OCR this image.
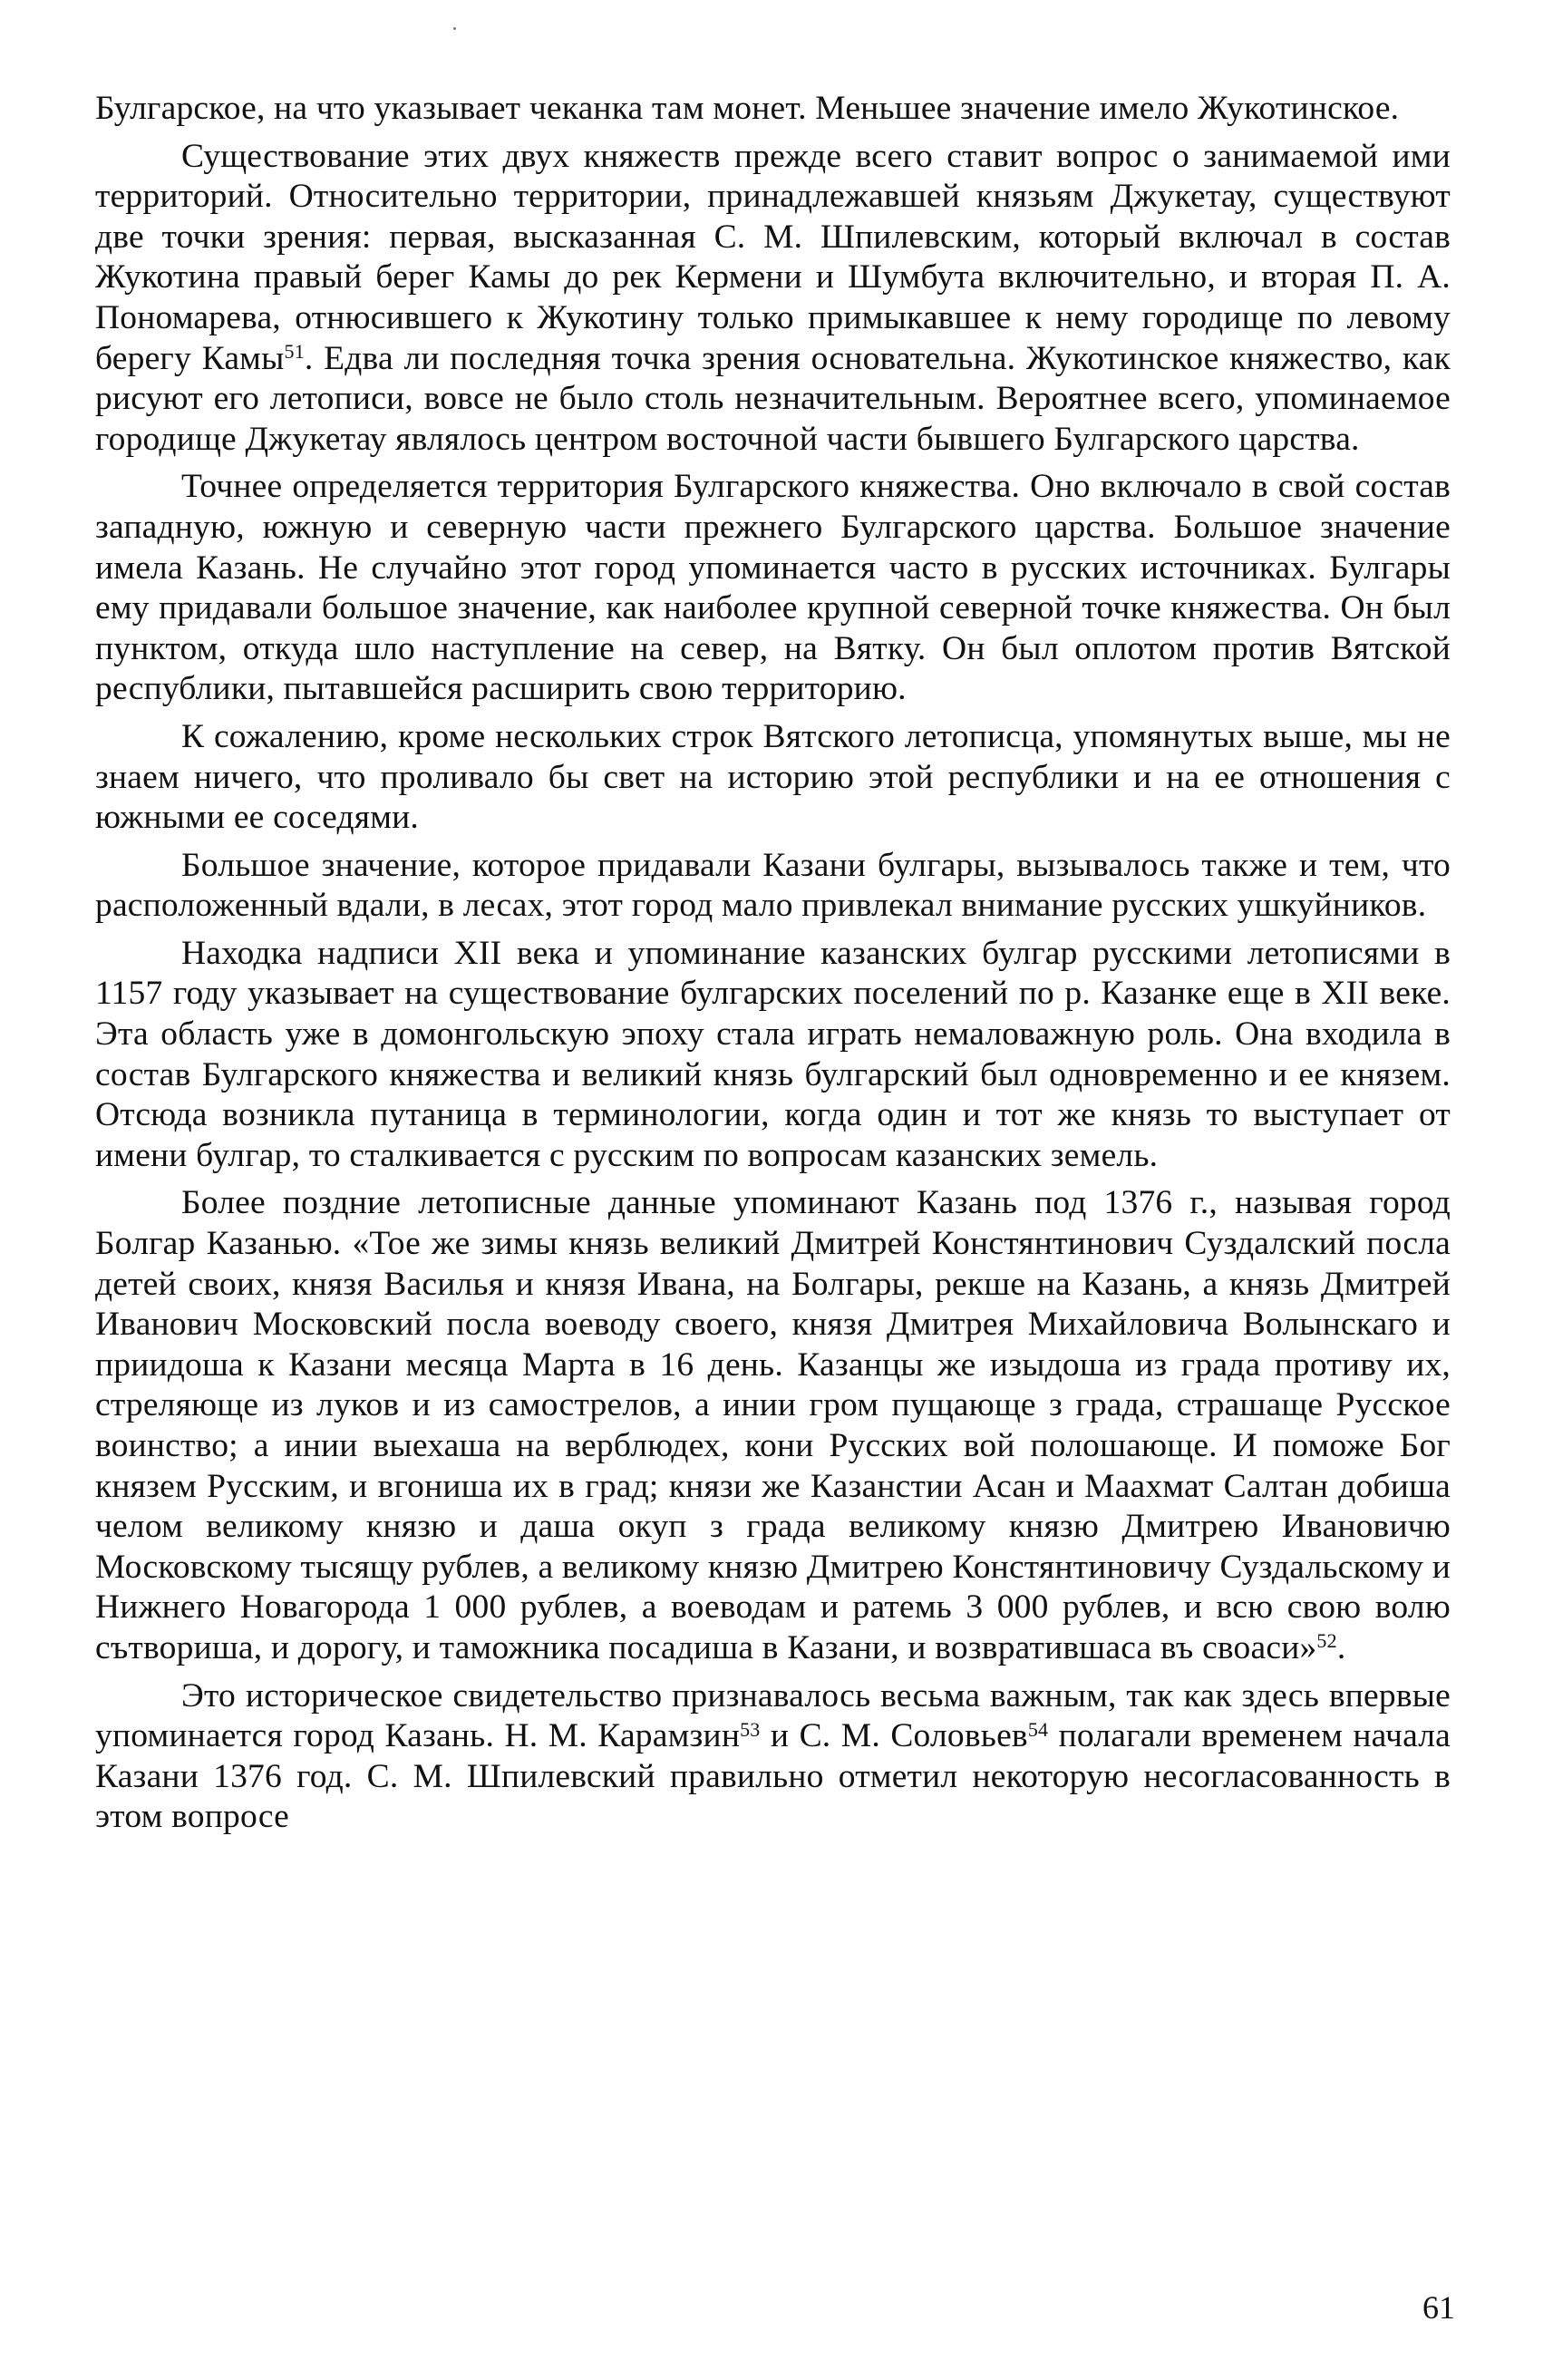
Булгарское, на что указывает чеканка там монет. Меньшее значение имело Жукотинское.

Существование этих двух княжеств прежде всего ставит вопрос о занимаемой ими территорий. Относительно территории, принадлежавшей князьям Джукетау, существуют две точки зрения: первая, высказанная С. М. Шпилевским, который включал в состав Жукотина правый берег Камы до рек Кермени и Шумбута включительно, и вторая П. А. Пономарева, отнюсившего к Жукотину только примыкавшее к нему городище по левому берегу Камы$^{51}$. Едва ли последняя точка зрения основательна. Жукотинское княжество, как рисуют его летописи, вовсе не было столь незначительным. Вероятнее всего, упоминаемое городище Джукетау являлось центром восточной части бывшего Булгарского царства.

Точнее определяется территория Булгарского княжества. Оно включало в свой состав западную, южную и северную части прежнего Булгарского царства. Большое значение имела Казань. Не случайно этот город упоминается часто в русских источниках. Булгары ему придавали большое значение, как наиболее крупной северной точке княжества. Он был пунктом, откуда шло наступление на север, на Вятку. Он был оплотом против Вятской республики, пытавшейся расширить свою территорию.

К сожалению, кроме нескольких строк Вятского летописца, упомянутых выше, мы не знаем ничего, что проливало бы свет на историю этой республики и на ее отношения с южными ее соседями.

Большое значение, которое придавали Казани булгары, вызывалось также и тем, что расположенный вдали, в лесах, этот город мало привлекал внимание русских ушкуйников.

Находка надписи XII века и упоминание казанских булгар русскими летописями в 1157 году указывает на существование булгарских поселений по р. Казанке еще в XII веке. Эта область уже в домонгольскую эпоху стала играть немаловажную роль. Она входила в состав Булгарского княжества и великий князь булгарский был одновременно и ее князем. Отсюда возникла путаница в терминологии, когда один и тот же князь то выступает от имени булгар, то сталкивается с русским по вопросам казанских земель.

Более поздние летописные данные упоминают Казань под 1376 г., называя город Болгар Казанью. «Тое же зимы князь великий Дмитрей Констянтинович Суздалский посла детей своих, князя Василья и князя Ивана, на Болгары, рекше на Казань, а князь Дмитрей Иванович Московский посла воеводу своего, князя Дмитрея Михайловича Волынскаго и приидоша к Казани месяца Марта в 16 день. Казанцы же изыдоша из града противу их, стреляюще из луков и из самострелов, а инии гром пущающе з града, страшаще Русское воинство; а инии выехаша на верблюдех, кони Русских вой полошающе. И поможе Бог князем Русским, и вгониша их в град; князи же Казанстии Асан и Маахмат Салтан добиша челом великому князю и даша окуп з града великому князю Дмитрею Ивановичю Московскому тысящу рублев, а великому князю Дмитрею Констянтиновичу Суздальскому и Нижнего Новагорода 1 000 рублев, а воеводам и ратемь 3 000 рублев, и всю свою волю сътвориша, и дорогу, и таможника посадиша в Казани, и возвратившаса въ своаси»$^{52}$.

Это историческое свидетельство признавалось весьма важным, так как здесь впервые упоминается город Казань. Н. М. Карамзин$^{53}$ и С. М. Соловьев$^{54}$ полагали временем начала Казани 1376 год. С. М. Шпилевский правильно отметил некоторую несогласованность в этом вопросе

61
